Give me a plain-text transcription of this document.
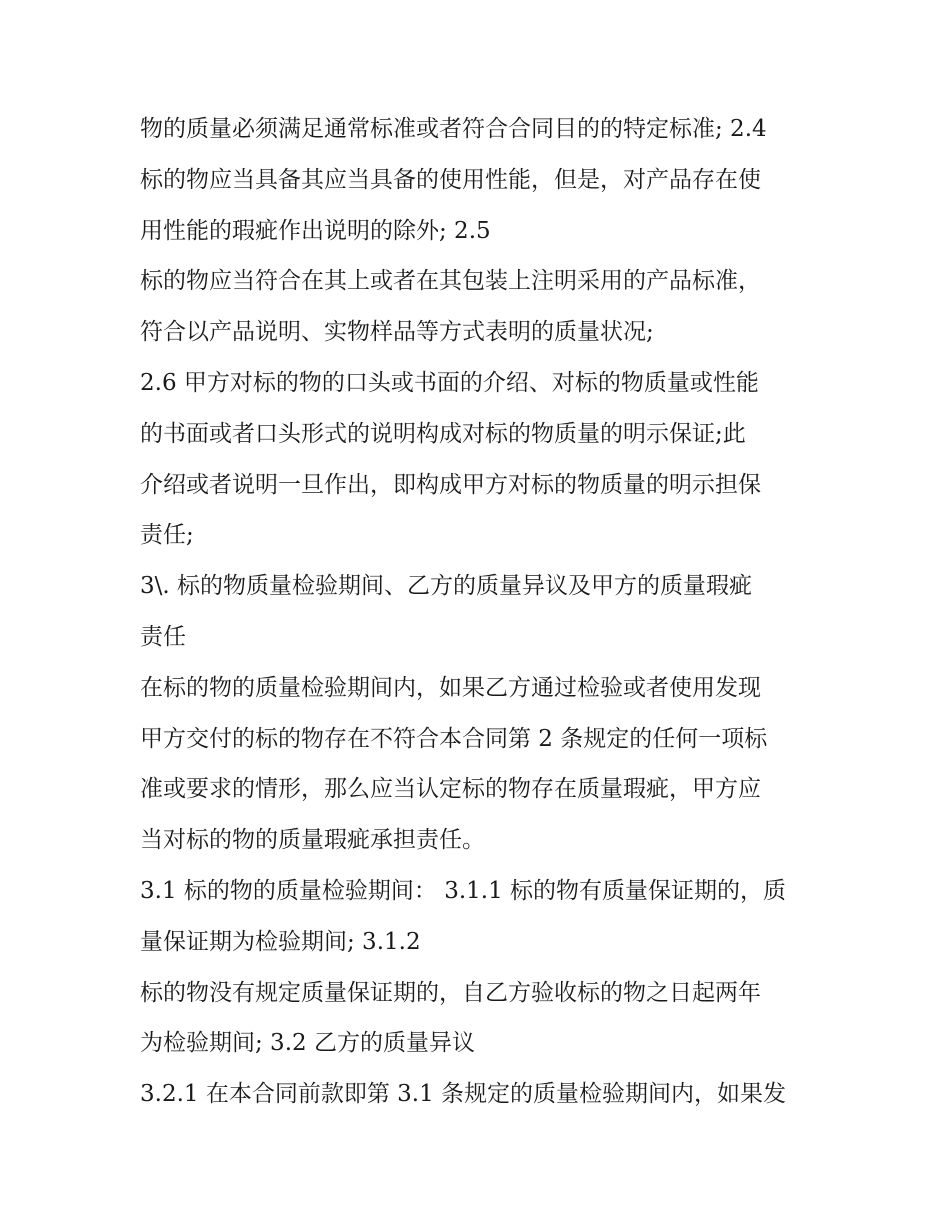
物的质量必须满足通常标准或者符合合同目的的特定标准; 2.4
标的物应当具备其应当具备的使用性能，但是，对产品存在使
用性能的瑕疵作出说明的除外; 2.5
标的物应当符合在其上或者在其包装上注明采用的产品标准，
符合以产品说明、实物样品等方式表明的质量状况;
2.6 甲方对标的物的口头或书面的介绍、对标的物质量或性能
的书面或者口头形式的说明构成对标的物质量的明示保证;此
介绍或者说明一旦作出，即构成甲方对标的物质量的明示担保
责任;
3\. 标的物质量检验期间、乙方的质量异议及甲方的质量瑕疵
责任
在标的物的质量检验期间内，如果乙方通过检验或者使用发现
甲方交付的标的物存在不符合本合同第 2 条规定的任何一项标
准或要求的情形，那么应当认定标的物存在质量瑕疵，甲方应
当对标的物的质量瑕疵承担责任。
3.1 标的物的质量检验期间： 3.1.1 标的物有质量保证期的，质
量保证期为检验期间; 3.1.2
标的物没有规定质量保证期的，自乙方验收标的物之日起两年
为检验期间; 3.2 乙方的质量异议
3.2.1 在本合同前款即第 3.1 条规定的质量检验期间内，如果发
